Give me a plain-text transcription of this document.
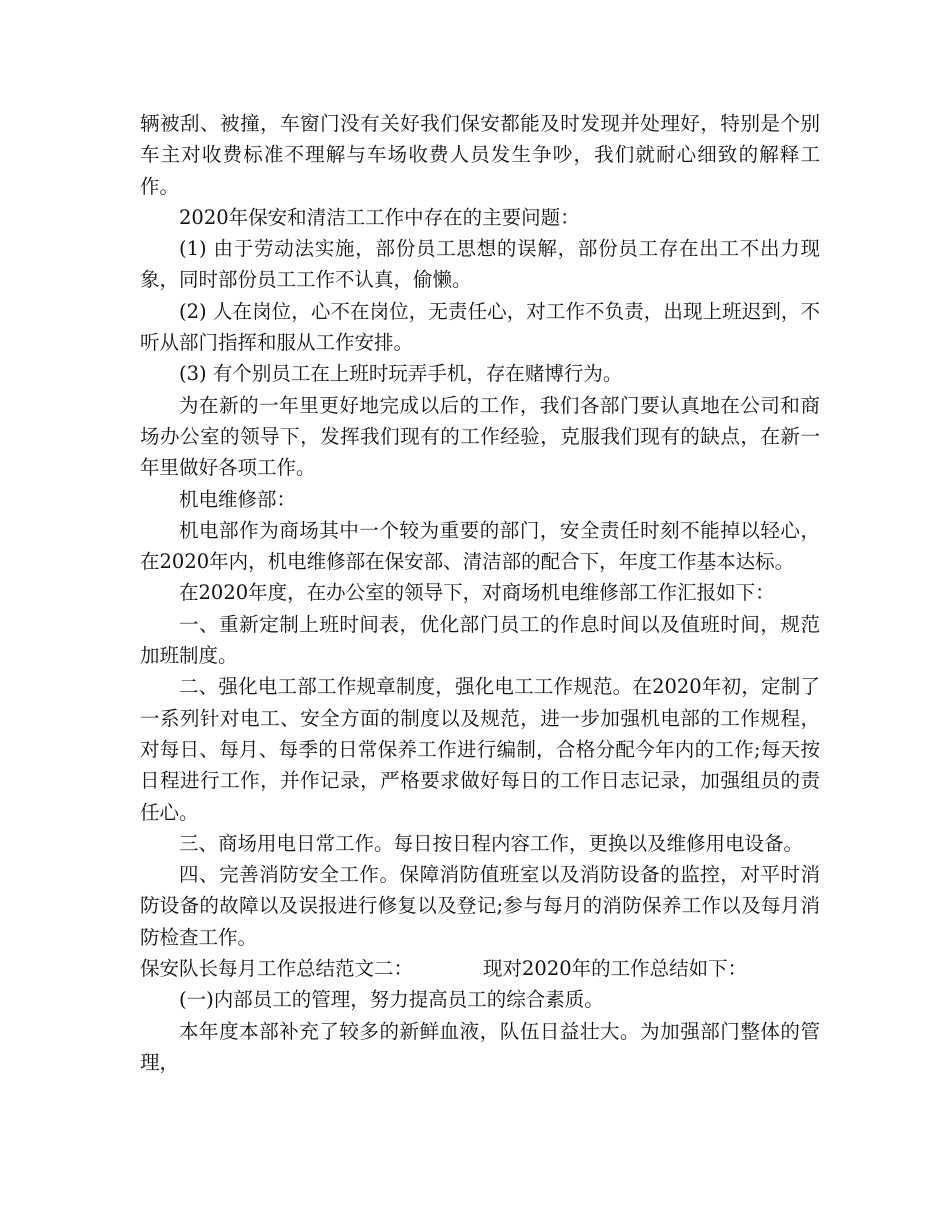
辆被刮、被撞，车窗门没有关好我们保安都能及时发现并处理好，特别是个别车主对收费标准不理解与车场收费人员发生争吵，我们就耐心细致的解释工作。

2020年保安和清洁工工作中存在的主要问题：

(1) 由于劳动法实施，部份员工思想的误解，部份员工存在出工不出力现象，同时部份员工工作不认真，偷懒。

(2) 人在岗位，心不在岗位，无责任心，对工作不负责，出现上班迟到，不听从部门指挥和服从工作安排。

(3) 有个别员工在上班时玩弄手机，存在赌博行为。

为在新的一年里更好地完成以后的工作，我们各部门要认真地在公司和商场办公室的领导下，发挥我们现有的工作经验，克服我们现有的缺点，在新一年里做好各项工作。

机电维修部：

机电部作为商场其中一个较为重要的部门，安全责任时刻不能掉以轻心，在2020年内，机电维修部在保安部、清洁部的配合下，年度工作基本达标。

在2020年度，在办公室的领导下，对商场机电维修部工作汇报如下：

一、重新定制上班时间表，优化部门员工的作息时间以及值班时间，规范加班制度。

二、强化电工部工作规章制度，强化电工工作规范。在2020年初，定制了一系列针对电工、安全方面的制度以及规范，进一步加强机电部的工作规程，对每日、每月、每季的日常保养工作进行编制，合格分配今年内的工作;每天按日程进行工作，并作记录，严格要求做好每日的工作日志记录，加强组员的责任心。

三、商场用电日常工作。每日按日程内容工作，更换以及维修用电设备。

四、完善消防安全工作。保障消防值班室以及消防设备的监控，对平时消防设备的故障以及误报进行修复以及登记;参与每月的消防保养工作以及每月消防检查工作。

保安队长每月工作总结范文二：	现对2020年的工作总结如下：

(一)内部员工的管理，努力提高员工的综合素质。

本年度本部补充了较多的新鲜血液，队伍日益壮大。为加强部门整体的管理，
